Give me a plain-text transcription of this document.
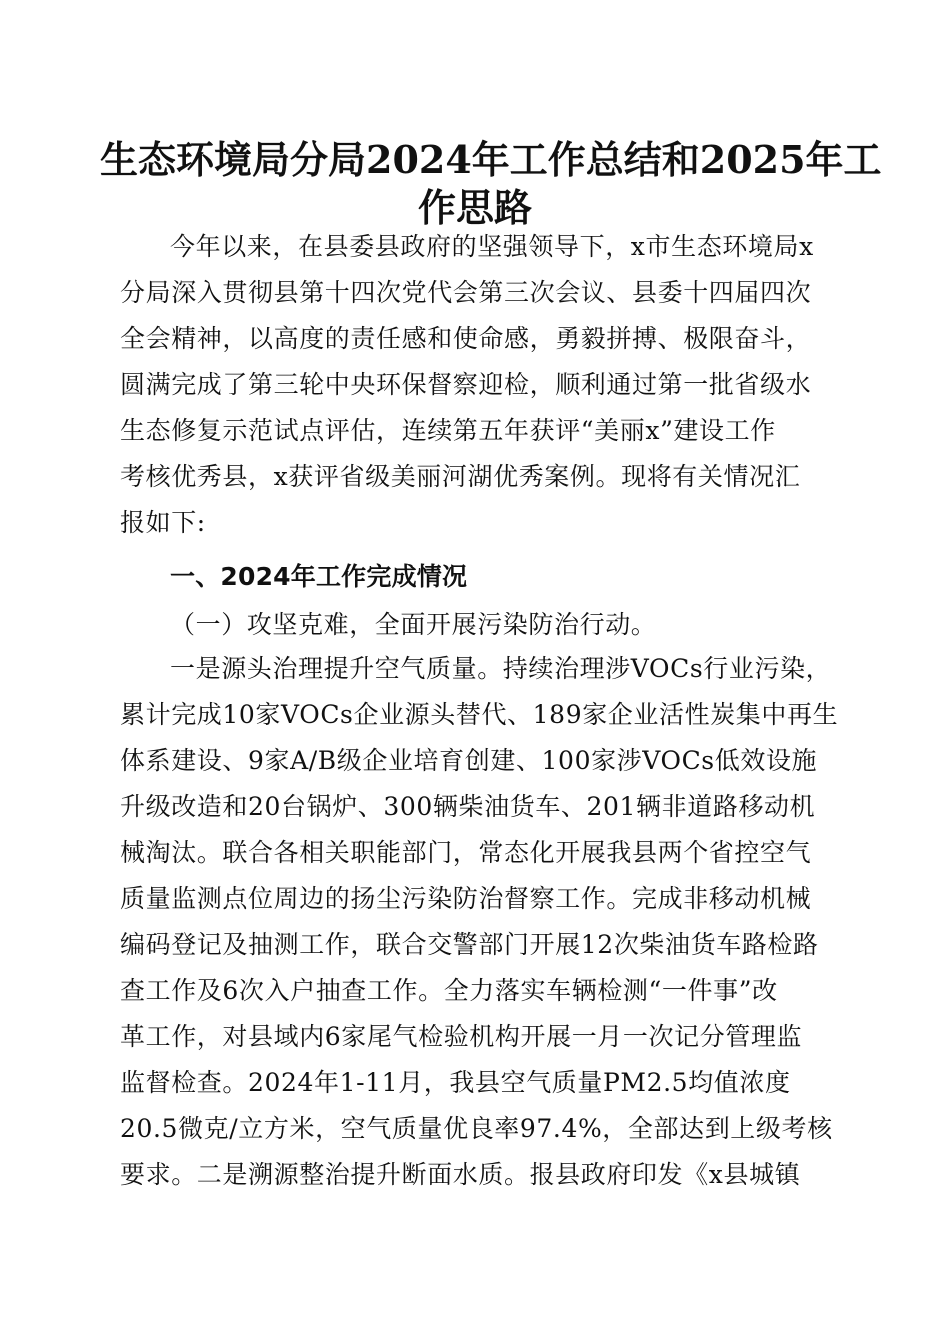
生态环境局分局2024年工作总结和2025年工
作思路
今年以来，在县委县政府的坚强领导下，x市生态环境局x
分局深入贯彻县第十四次党代会第三次会议、县委十四届四次
全会精神，以高度的责任感和使命感，勇毅拼搏、极限奋斗，
圆满完成了第三轮中央环保督察迎检，顺利通过第一批省级水
生态修复示范试点评估，连续第五年获评“美丽x”建设工作
考核优秀县，x获评省级美丽河湖优秀案例。现将有关情况汇
报如下:
一、2024年工作完成情况
（一）攻坚克难，全面开展污染防治行动。
一是源头治理提升空气质量。持续治理涉VOCs行业污染，
累计完成10家VOCs企业源头替代、189家企业活性炭集中再生
体系建设、9家A/B级企业培育创建、100家涉VOCs低效设施
升级改造和20台锅炉、300辆柴油货车、201辆非道路移动机
械淘汰。联合各相关职能部门，常态化开展我县两个省控空气
质量监测点位周边的扬尘污染防治督察工作。完成非移动机械
编码登记及抽测工作，联合交警部门开展12次柴油货车路检路
查工作及6次入户抽查工作。全力落实车辆检测“一件事”改
革工作，对县域内6家尾气检验机构开展一月一次记分管理监
监督检查。2024年1-11月，我县空气质量PM2.5均值浓度
20.5微克/立方米，空气质量优良率97.4%，全部达到上级考核
要求。二是溯源整治提升断面水质。报县政府印发《x县城镇
